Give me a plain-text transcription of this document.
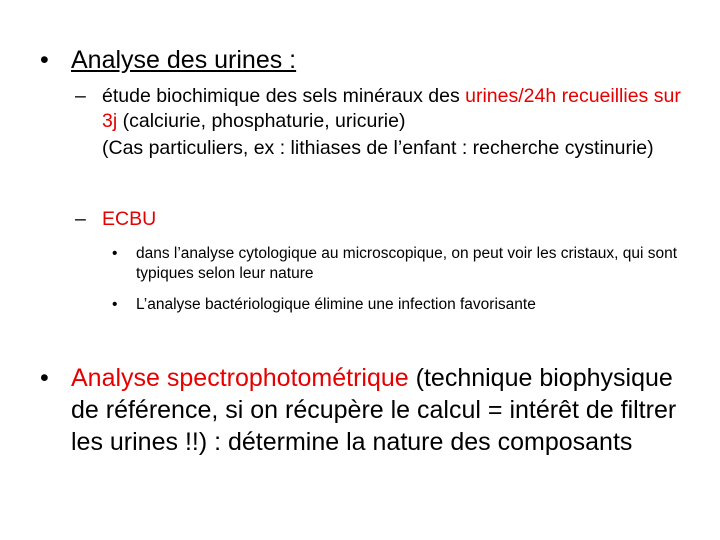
• Analyse des urines :
– étude biochimique des sels minéraux des urines/24h recueillies sur 3j (calciurie, phosphaturie, uricurie)
(Cas particuliers, ex : lithiases de l’enfant : recherche cystinurie)
– ECBU
• dans l’analyse cytologique au microscopique, on peut voir les cristaux, qui sont typiques selon leur nature
• L’analyse bactériologique élimine une infection favorisante
• Analyse spectrophotométrique (technique biophysique de référence, si on récupère le calcul = intérêt de filtrer les urines !!) : détermine la nature des composants
